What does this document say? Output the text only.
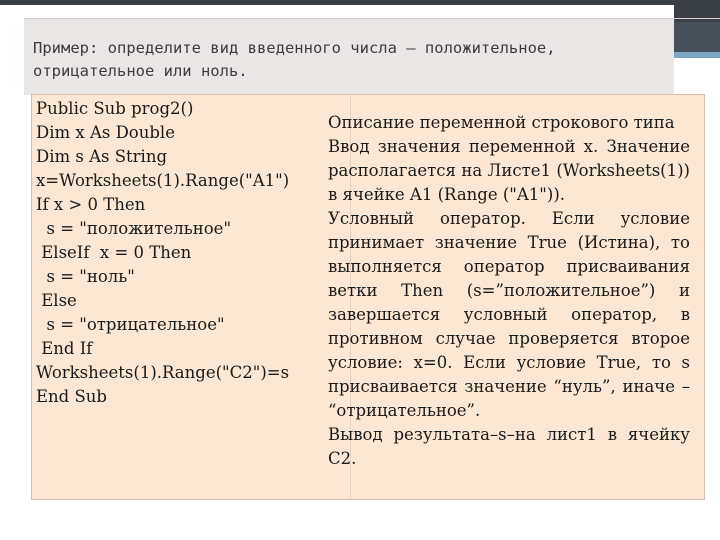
Пример: определите вид введенного числа – положительное, отрицательное или ноль.
Public Sub prog2()
Dim x As Double
Dim s As String
x=Worksheets(1).Range("A1")
If x > 0 Then
s = "положительное"
ElseIf  x = 0 Then
s = "ноль"
Else
s = "отрицательное"
End If
Worksheets(1).Range("C2")=s
End Sub

Описание переменной строкового типа

Ввод значения переменной x. Значение располагается на Листе1 (Worksheets(1)) в ячейке A1 (Range ("A1")).

Условный оператор. Если условие принимает значение True (Истина), то выполняется оператор присваивания ветки Then (s=”положительное”) и завершается условный оператор, в противном случае проверяется второе условие: x=0. Если условие True, то s присваивается значение “нуль”, иначе – “отрицательное”.

Вывод результата–s–на лист1 в ячейку C2.
